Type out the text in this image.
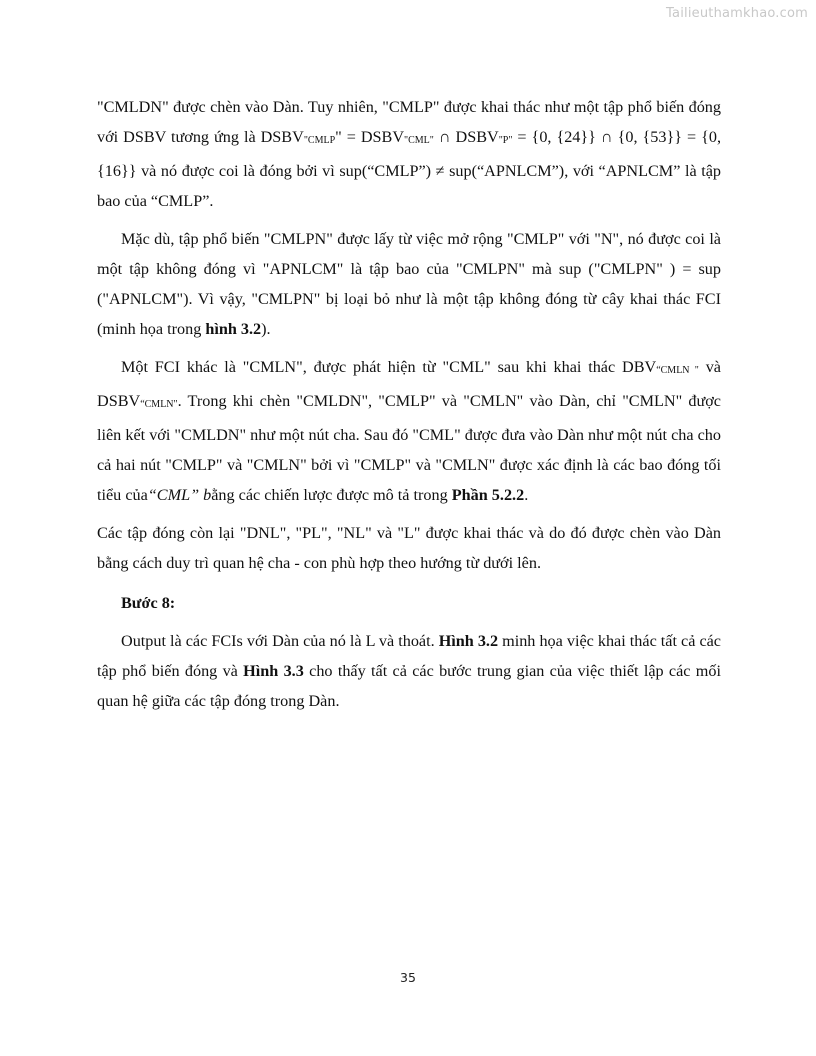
Tailieuthamkhao.com

"CMLDN" được chèn vào Dàn. Tuy nhiên, "CMLP" được khai thác như một tập phổ biến đóng với DSBV tương ứng là DSBV"CMLP" = DSBV"CML" ∩ DSBV"P" = {0, {24}} ∩ {0, {53}} = {0, {16}} và nó được coi là đóng bởi vì sup(“CMLP”) ≠ sup(“APNLCM”), với “APNLCM” là tập bao của “CMLP”.

Mặc dù, tập phổ biến "CMLPN" được lấy từ việc mở rộng "CMLP" với "N", nó được coi là một tập không đóng vì "APNLCM" là tập bao của "CMLPN" mà sup ("CMLPN" ) = sup ("APNLCM"). Vì vậy, "CMLPN" bị loại bỏ như là một tập không đóng từ cây khai thác FCI (minh họa trong hình 3.2).

Một FCI khác là "CMLN", được phát hiện từ "CML" sau khi khai thác DBV“CMLN " và DSBV“CMLN". Trong khi chèn "CMLDN", "CMLP" và "CMLN" vào Dàn, chỉ "CMLN" được liên kết với "CMLDN" như một nút cha. Sau đó "CML" được đưa vào Dàn như một nút cha cho cả hai nút "CMLP" và "CMLN" bởi vì "CMLP" và "CMLN" được xác định là các bao đóng tối tiểu của“CML” bằng các chiến lược được mô tả trong Phần 5.2.2.

Các tập đóng còn lại "DNL", "PL", "NL" và "L" được khai thác và do đó được chèn vào Dàn bằng cách duy trì quan hệ cha - con phù hợp theo hướng từ dưới lên.

Bước 8:

Output là các FCIs với Dàn của nó là L và thoát. Hình 3.2 minh họa việc khai thác tất cả các tập phổ biến đóng và Hình 3.3 cho thấy tất cả các bước trung gian của việc thiết lập các mối quan hệ giữa các tập đóng trong Dàn.

35
